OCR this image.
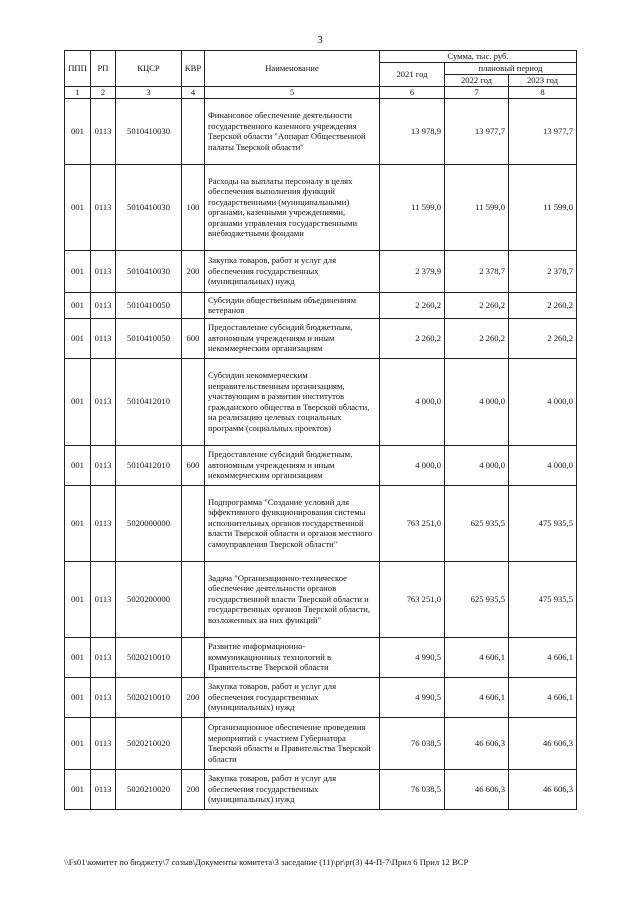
3
ППП	РП	КЦСР	КВР	Наименование	Сумма, тыс. руб.		
					2021 год	плановый период	
						2022 год	2023 год
1	2	3	4	5	6	7	8
001	0113	5010410030		Финансовое обеспечение деятельности государственного казенного учреждения Тверской области "Аппарат Общественной палаты Тверской области"	13 978,9	13 977,7	13 977,7
001	0113	5010410030	100	Расходы на выплаты персоналу в целях обеспечения выполнения функций государственными (муниципальными) органами, казенными учреждениями, органами управления государственными внебюджетными фондами	11 599,0	11 599,0	11 599,0
001	0113	5010410030	200	Закупка товаров, работ и услуг для обеспечения государственных (муниципальных) нужд	2 379,9	2 378,7	2 378,7
001	0113	5010410050		Субсидии общественным объединениям ветеранов	2 260,2	2 260,2	2 260,2
001	0113	5010410050	600	Предоставление субсидий бюджетным, автономным учреждениям и иным некоммерческим организациям	2 260,2	2 260,2	2 260,2
001	0113	5010412010		Субсидии некоммерческим неправительственным организациям, участвующим в развитии институтов гражданского общества в Тверской области, на реализацию целевых социальных программ (социальных проектов)	4 000,0	4 000,0	4 000,0
001	0113	5010412010	600	Предоставление субсидий бюджетным, автономным учреждениям и иным некоммерческим организациям	4 000,0	4 000,0	4 000,0
001	0113	5020000000		Подпрограмма "Создание условий для эффективного функционирования системы исполнительных органов государственной власти Тверской области и органов местного самоуправления Тверской области"	763 251,0	625 935,5	475 935,5
001	0113	5020200000		Задача "Организационно-техническое обеспечение деятельности органов государственной власти Тверской области и государственных органов Тверской области, возложенных на них функций"	763 251,0	625 935,5	475 935,5
001	0113	5020210010		Развитие информационно-коммуникационных технологий в Правительстве Тверской области	4 990,5	4 606,1	4 606,1
001	0113	5020210010	200	Закупка товаров, работ и услуг для обеспечения государственных (муниципальных) нужд	4 990,5	4 606,1	4 606,1
001	0113	5020210020		Организационное обеспечение проведения мероприятий с участием Губернатора Тверской области и Правительства Тверской области	76 038,5	46 606,3	46 606,3
001	0113	5020210020	200	Закупка товаров, работ и услуг для обеспечения государственных (муниципальных) нужд	76 038,5	46 606,3	46 606,3
\\Fs01\комитет по бюджету\7 созыв\Документы комитета\3 заседание (11)\pr\pr(3) 44-П-7\Прил 6 Прил 12 ВСР
